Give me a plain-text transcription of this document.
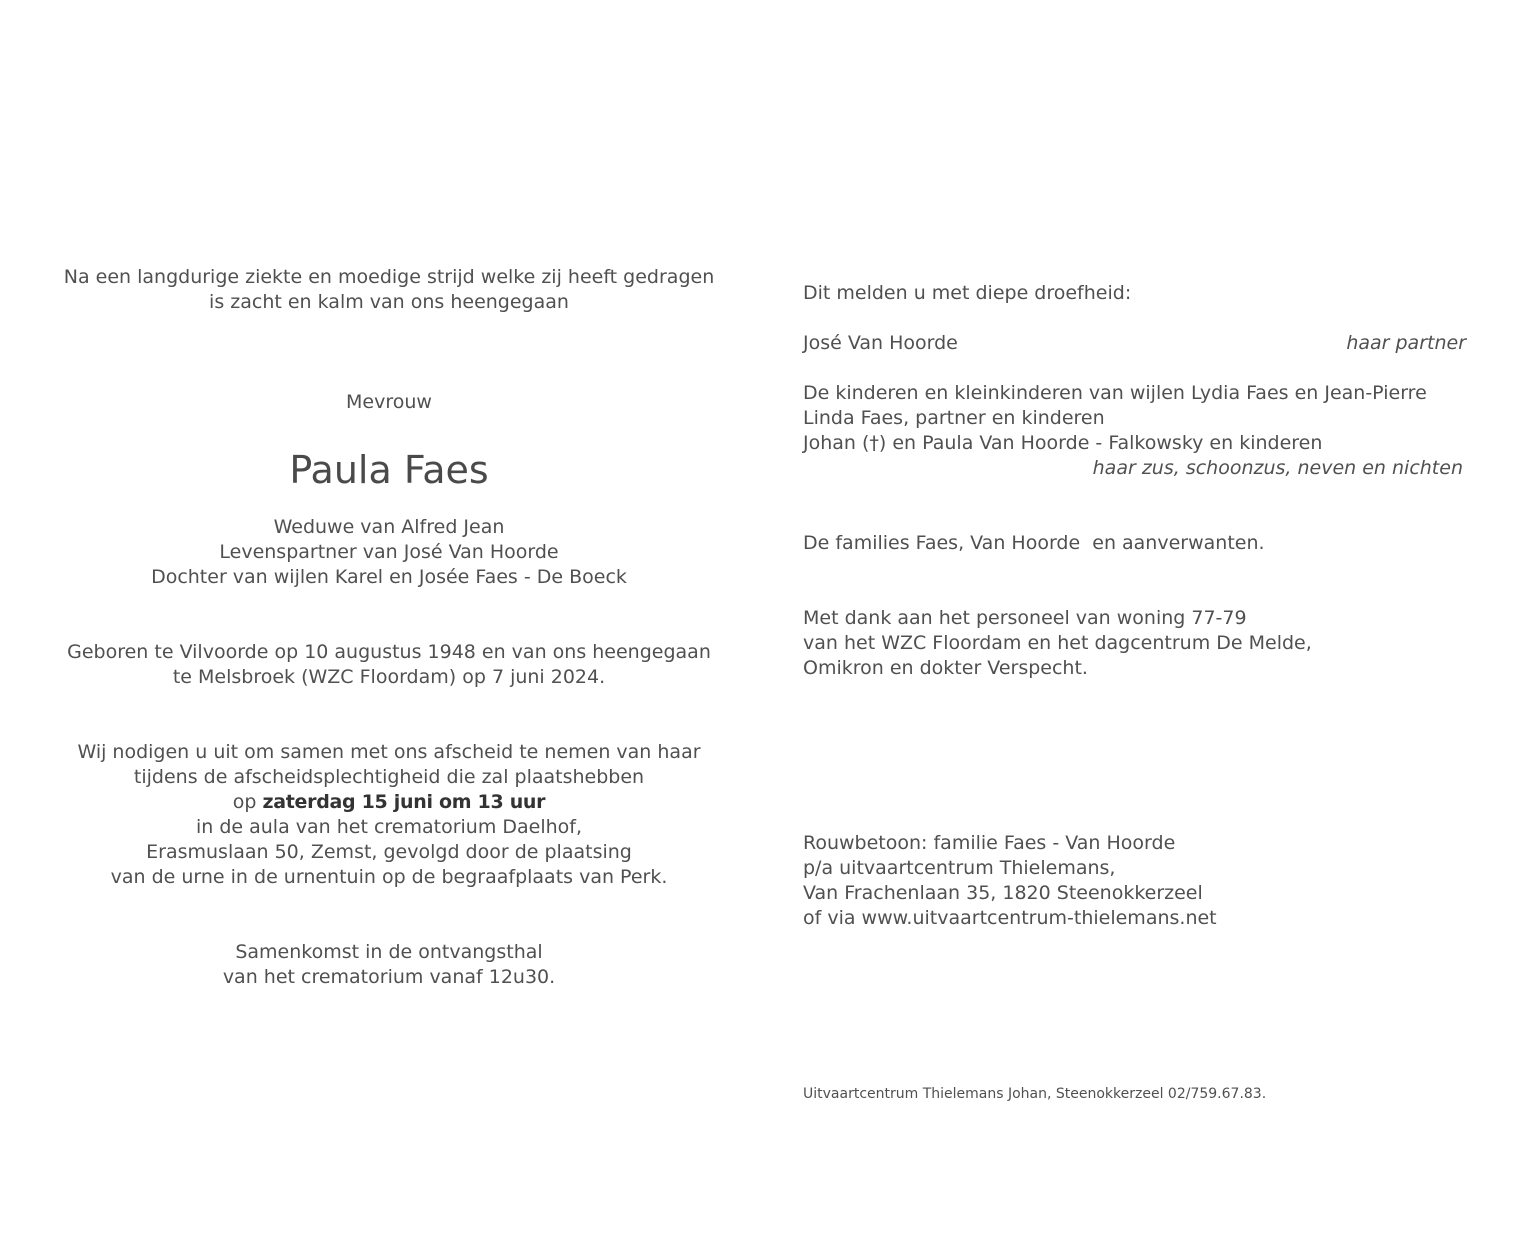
Na een langdurige ziekte en moedige strijd welke zij heeft gedragen
is zacht en kalm van ons heengegaan
Mevrouw
Paula Faes
Weduwe van Alfred Jean
Levenspartner van José Van Hoorde
Dochter van wijlen Karel en Josée Faes - De Boeck
Geboren te Vilvoorde op 10 augustus 1948 en van ons heengegaan
te Melsbroek (WZC Floordam) op 7 juni 2024.
Wij nodigen u uit om samen met ons afscheid te nemen van haar
tijdens de afscheidsplechtigheid die zal plaatshebben
op zaterdag 15 juni om 13 uur
in de aula van het crematorium Daelhof,
Erasmuslaan 50, Zemst, gevolgd door de plaatsing
van de urne in de urnentuin op de begraafplaats van Perk.
Samenkomst in de ontvangsthal
van het crematorium vanaf 12u30.
Dit melden u met diepe droefheid:
José Van Hoorde	haar partner
De kinderen en kleinkinderen van wijlen Lydia Faes en Jean-Pierre
Linda Faes, partner en kinderen
Johan (†) en Paula Van Hoorde - Falkowsky en kinderen
haar zus, schoonzus, neven en nichten
De families Faes, Van Hoorde  en aanverwanten.
Met dank aan het personeel van woning 77-79
van het WZC Floordam en het dagcentrum De Melde,
Omikron en dokter Verspecht.
Rouwbetoon: familie Faes - Van Hoorde
p/a uitvaartcentrum Thielemans,
Van Frachenlaan 35, 1820 Steenokkerzeel
of via www.uitvaartcentrum-thielemans.net
Uitvaartcentrum Thielemans Johan, Steenokkerzeel 02/759.67.83.
